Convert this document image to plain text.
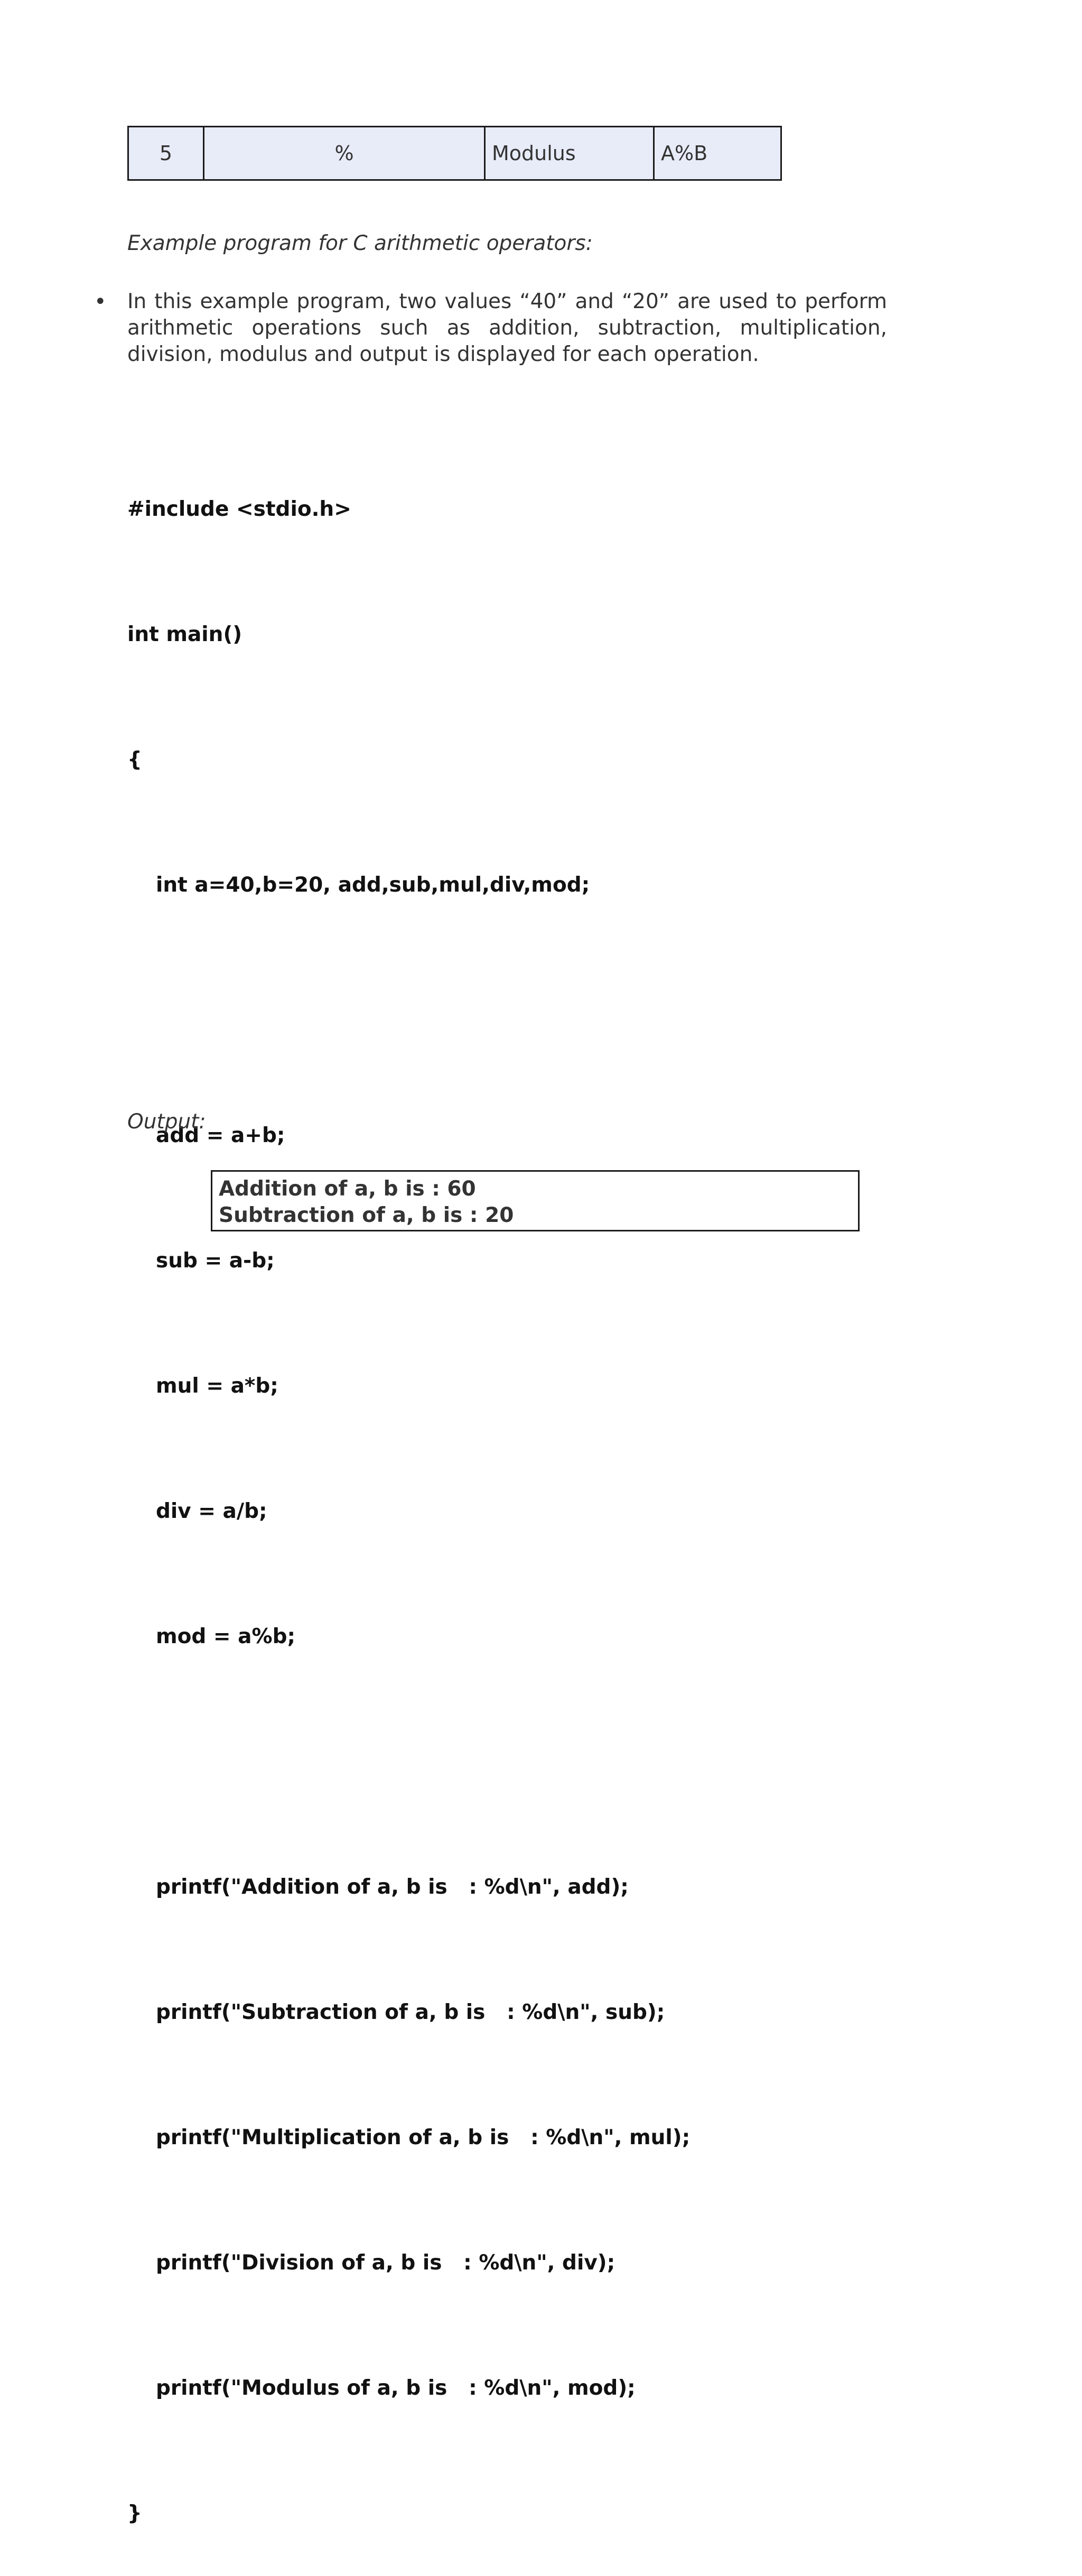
5	%	Modulus	A%B

Example program for C arithmetic operators:

• In this example program, two values “40” and “20” are used to perform arithmetic operations such as addition, subtraction, multiplication, division, modulus and output is displayed for each operation.

#include <stdio.h>

int main()

{

int a=40,b=20, add,sub,mul,div,mod;

add = a+b;

sub = a-b;

mul = a*b;

div = a/b;

mod = a%b;

printf("Addition of a, b is   : %d\n", add);

printf("Subtraction of a, b is   : %d\n", sub);

printf("Multiplication of a, b is   : %d\n", mul);

printf("Division of a, b is   : %d\n", div);

printf("Modulus of a, b is   : %d\n", mod);

}

Output:

Addition of a, b is : 60
Subtraction of a, b is : 20
